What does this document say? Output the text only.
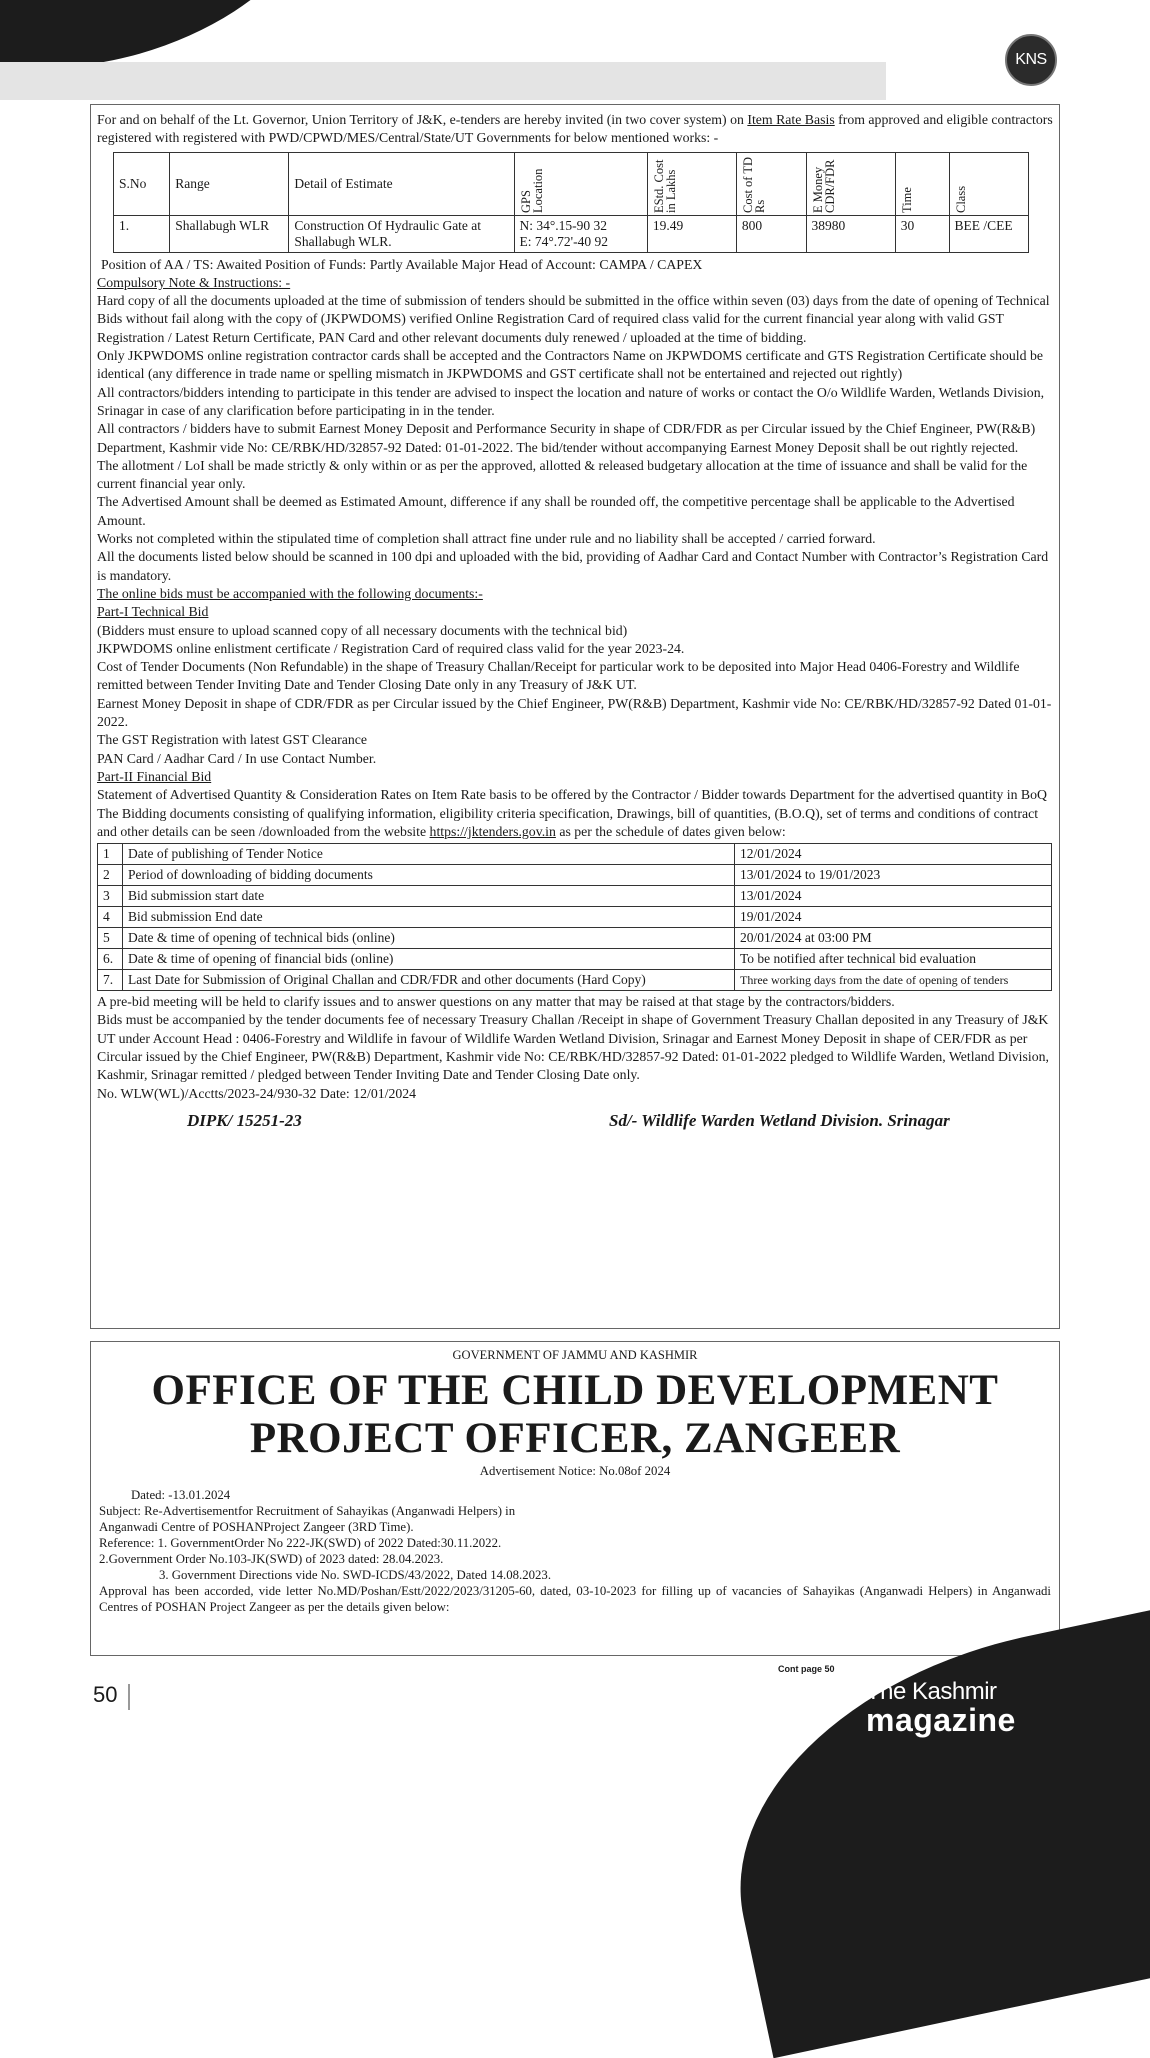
KNS

For and on behalf of the Lt. Governor, Union Territory of J&K, e-tenders are hereby invited (in two cover system) on Item Rate Basis from approved and eligible contractors registered with registered with PWD/CPWD/MES/Central/State/UT Governments for below mentioned works: -

S.No	Range	Detail of Estimate	GPS Location	EStd. Cost in Lakhs	Cost of TD Rs	E Money CDR/FDR	Time	Class

1.	Shallabugh WLR	Construction Of Hydraulic Gate at Shallabugh WLR.	N: 34°.15-90 32
E: 74°.72'-40 92	19.49	800	38980	30	BEE /CEE

Position of AA / TS: Awaited Position of Funds: Partly Available Major Head of Account: CAMPA / CAPEX

Compulsory Note & Instructions: -

Hard copy of all the documents uploaded at the time of submission of tenders should be submitted in the office within seven (03) days from the date of opening of Technical Bids without fail along with the copy of (JKPWDOMS) verified Online Registration Card of required class valid for the current financial year along with valid GST Registration / Latest Return Certificate, PAN Card and other relevant documents duly renewed / uploaded at the time of bidding.

Only JKPWDOMS online registration contractor cards shall be accepted and the Contractors Name on JKPWDOMS certificate and GTS Registration Certificate should be identical (any difference in trade name or spelling mismatch in JKPWDOMS and GST certificate shall not be entertained and rejected out rightly)

All contractors/bidders intending to participate in this tender are advised to inspect the location and nature of works or contact the O/o Wildlife Warden, Wetlands Division, Srinagar in case of any clarification before participating in in the tender.

All contractors / bidders have to submit Earnest Money Deposit and Performance Security in shape of CDR/FDR as per Circular issued by the Chief Engineer, PW(R&B) Department, Kashmir vide No: CE/RBK/HD/32857-92 Dated: 01-01-2022. The bid/tender without accompanying Earnest Money Deposit shall be out rightly rejected.

The allotment / LoI shall be made strictly & only within or as per the approved, allotted & released budgetary allocation at the time of issuance and shall be valid for the current financial year only.

The Advertised Amount shall be deemed as Estimated Amount, difference if any shall be rounded off, the competitive percentage shall be applicable to the Advertised Amount.

Works not completed within the stipulated time of completion shall attract fine under rule and no liability shall be accepted / carried forward.

All the documents listed below should be scanned in 100 dpi and uploaded with the bid, providing of Aadhar Card and Contact Number with Contractor’s Registration Card is mandatory.

The online bids must be accompanied with the following documents:-

Part-I Technical Bid

(Bidders must ensure to upload scanned copy of all necessary documents with the technical bid)

JKPWDOMS online enlistment certificate / Registration Card of required class valid for the year 2023-24.

Cost of Tender Documents (Non Refundable) in the shape of Treasury Challan/Receipt for particular work to be deposited into Major Head 0406-Forestry and Wildlife remitted between Tender Inviting Date and Tender Closing Date only in any Treasury of J&K UT.

Earnest Money Deposit in shape of CDR/FDR as per Circular issued by the Chief Engineer, PW(R&B) Department, Kashmir vide No: CE/RBK/HD/32857-92 Dated 01-01-2022.

The GST Registration with latest GST Clearance

PAN Card / Aadhar Card / In use Contact Number.

Part-II Financial Bid

Statement of Advertised Quantity & Consideration Rates on Item Rate basis to be offered by the Contractor / Bidder towards Department for the advertised quantity in BoQ

The Bidding documents consisting of qualifying information, eligibility criteria specification, Drawings, bill of quantities, (B.O.Q), set of terms and conditions of contract and other details can be seen /downloaded from the website https://jktenders.gov.in as per the schedule of dates given below:

1	Date of publishing of Tender Notice	12/01/2024
2	Period of downloading of bidding documents	13/01/2024 to 19/01/2023
3	Bid submission start date	13/01/2024
4	Bid submission End date	19/01/2024
5	Date & time of opening of technical bids (online)	20/01/2024 at 03:00 PM
6.	Date & time of opening of financial bids (online)	To be notified after technical bid evaluation
7.	Last Date for Submission of Original Challan and CDR/FDR and other documents (Hard Copy)	Three working days from the date of opening of tenders

A pre-bid meeting will be held to clarify issues and to answer questions on any matter that may be raised at that stage by the contractors/bidders.

Bids must be accompanied by the tender documents fee of necessary Treasury Challan /Receipt in shape of Government Treasury Challan deposited in any Treasury of J&K UT under Account Head : 0406-Forestry and Wildlife in favour of Wildlife Warden Wetland Division, Srinagar and Earnest Money Deposit in shape of CER/FDR as per Circular issued by the Chief Engineer, PW(R&B) Department, Kashmir vide No: CE/RBK/HD/32857-92 Dated: 01-01-2022 pledged to Wildlife Warden, Wetland Division, Kashmir, Srinagar remitted / pledged between Tender Inviting Date and Tender Closing Date only.

No. WLW(WL)/Acctts/2023-24/930-32 Date: 12/01/2024

DIPK/ 15251-23	Sd/- Wildlife Warden Wetland Division. Srinagar
GOVERNMENT OF JAMMU AND KASHMIR
OFFICE OF THE CHILD DEVELOPMENT
PROJECT OFFICER, ZANGEER
Advertisement Notice: No.08of 2024

Dated: -13.01.2024

Subject: Re-Advertisementfor Recruitment of Sahayikas (Anganwadi Helpers) in

Anganwadi Centre of POSHANProject Zangeer (3RD Time).

Reference: 1. GovernmentOrder No 222-JK(SWD) of 2022 Dated:30.11.2022.

2.Government Order No.103-JK(SWD) of 2023 dated: 28.04.2023.

3. Government Directions vide No. SWD-ICDS/43/2022, Dated 14.08.2023.

Approval has been accorded, vide letter No.MD/Poshan/Estt/2022/2023/31205-60, dated, 03-10-2023 for filling up of vacancies of Sahayikas (Anganwadi Helpers) in Anganwadi Centres of POSHAN Project Zangeer as per the details given below:

Cont page 50
50	The Kashmir
magazine
